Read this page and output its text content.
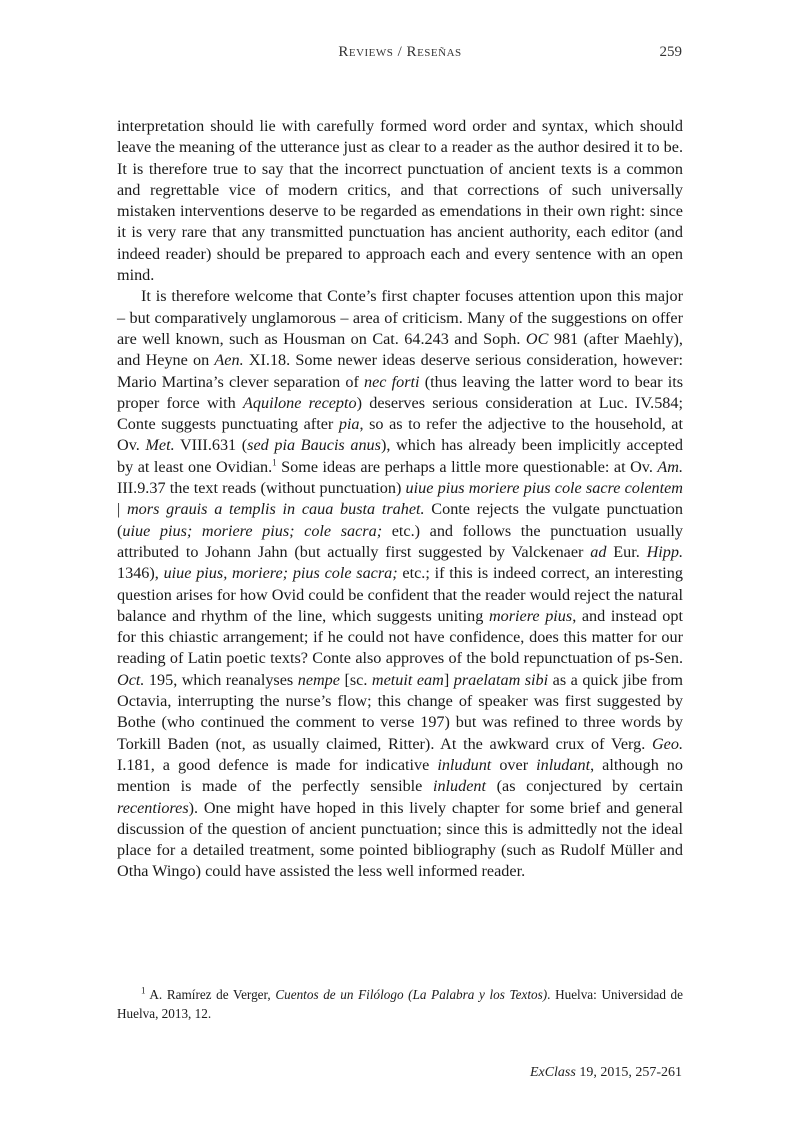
Reviews / Reseñas	259

interpretation should lie with carefully formed word order and syntax, which should leave the meaning of the utterance just as clear to a reader as the author desired it to be. It is therefore true to say that the incorrect punctuation of ancient texts is a common and regrettable vice of modern critics, and that corrections of such universally mistaken interventions deserve to be regarded as emendations in their own right: since it is very rare that any transmitted punctuation has ancient authority, each editor (and indeed reader) should be prepared to approach each and every sentence with an open mind.

It is therefore welcome that Conte’s first chapter focuses attention upon this major – but comparatively unglamorous – area of criticism. Many of the suggestions on offer are well known, such as Housman on Cat. 64.243 and Soph. OC 981 (after Maehly), and Heyne on Aen. XI.18. Some newer ideas deserve serious consideration, however: Mario Martina’s clever separation of nec forti (thus leaving the latter word to bear its proper force with Aquilone recepto) deserves serious consideration at Luc. IV.584; Conte suggests punctuating after pia, so as to refer the adjective to the household, at Ov. Met. VIII.631 (sed pia Baucis anus), which has already been implicitly accepted by at least one Ovidian.$^1$ Some ideas are perhaps a little more questionable: at Ov. Am. III.9.37 the text reads (without punctuation) uiue pius moriere pius cole sacre colentem | mors grauis a templis in caua busta trahet. Conte rejects the vulgate punctuation (uiue pius; moriere pius; cole sacra; etc.) and follows the punctuation usually attributed to Johann Jahn (but actually first suggested by Valckenaer ad Eur. Hipp. 1346), uiue pius, moriere; pius cole sacra; etc.; if this is indeed correct, an interesting question arises for how Ovid could be confident that the reader would reject the natural balance and rhythm of the line, which suggests uniting moriere pius, and instead opt for this chiastic arrangement; if he could not have confidence, does this matter for our reading of Latin poetic texts? Conte also approves of the bold repunctuation of ps-Sen. Oct. 195, which reanalyses nempe [sc. metuit eam] praelatam sibi as a quick jibe from Octavia, interrupting the nurse’s flow; this change of speaker was first suggested by Bothe (who continued the comment to verse 197) but was refined to three words by Torkill Baden (not, as usually claimed, Ritter). At the awkward crux of Verg. Geo. I.181, a good defence is made for indicative inludunt over inludant, although no mention is made of the perfectly sensible inludent (as conjectured by certain recentiores). One might have hoped in this lively chapter for some brief and general discussion of the question of ancient punctuation; since this is admittedly not the ideal place for a detailed treatment, some pointed bibliography (such as Rudolf Müller and Otha Wingo) could have assisted the less well informed reader.

$^1$ A. Ramírez de Verger, Cuentos de un Filólogo (La Palabra y los Textos). Huelva: Universidad de Huelva, 2013, 12.
ExClass 19, 2015, 257-261
